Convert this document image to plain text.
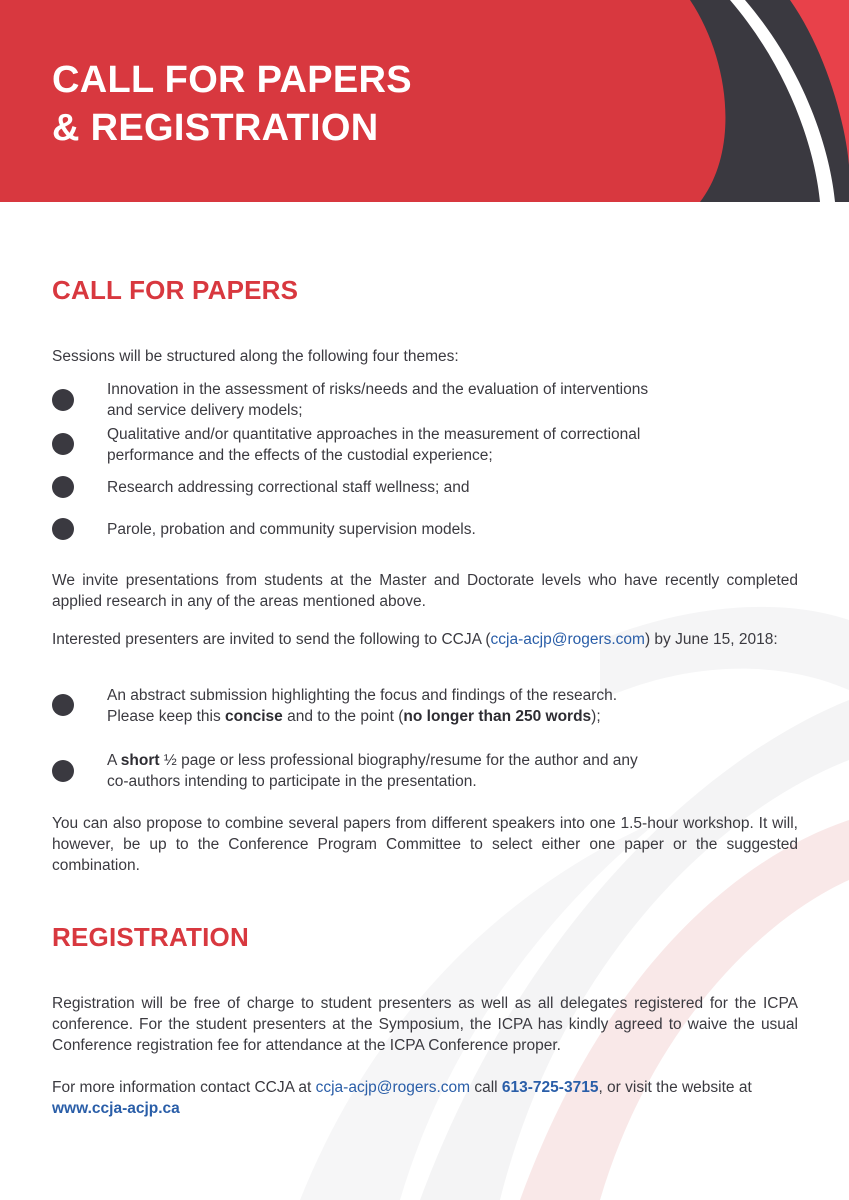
CALL FOR PAPERS
& REGISTRATION
CALL FOR PAPERS

Sessions will be structured along the following four themes:

Innovation in the assessment of risks/needs and the evaluation of interventions
and service delivery models;
Qualitative and/or quantitative approaches in the measurement of correctional
performance and the effects of the custodial experience;
Research addressing correctional staff wellness; and
Parole, probation and community supervision models.

We invite presentations from students at the Master and Doctorate levels who have recently completed applied research in any of the areas mentioned above.

Interested presenters are invited to send the following to CCJA (ccja-acjp@rogers.com) by June 15, 2018:

An abstract submission highlighting the focus and findings of the research.
Please keep this concise and to the point (no longer than 250 words);
A short ½ page or less professional biography/resume for the author and any
co-authors intending to participate in the presentation.

You can also propose to combine several papers from different speakers into one 1.5-hour workshop. It will, however, be up to the Conference Program Committee to select either one paper or the suggested combination.

REGISTRATION

Registration will be free of charge to student presenters as well as all delegates registered for the ICPA conference. For the student presenters at the Symposium, the ICPA has kindly agreed to waive the usual Conference registration fee for attendance at the ICPA Conference proper.

For more information contact CCJA at ccja-acjp@rogers.com call 613-725-3715, or visit the website at www.ccja-acjp.ca
